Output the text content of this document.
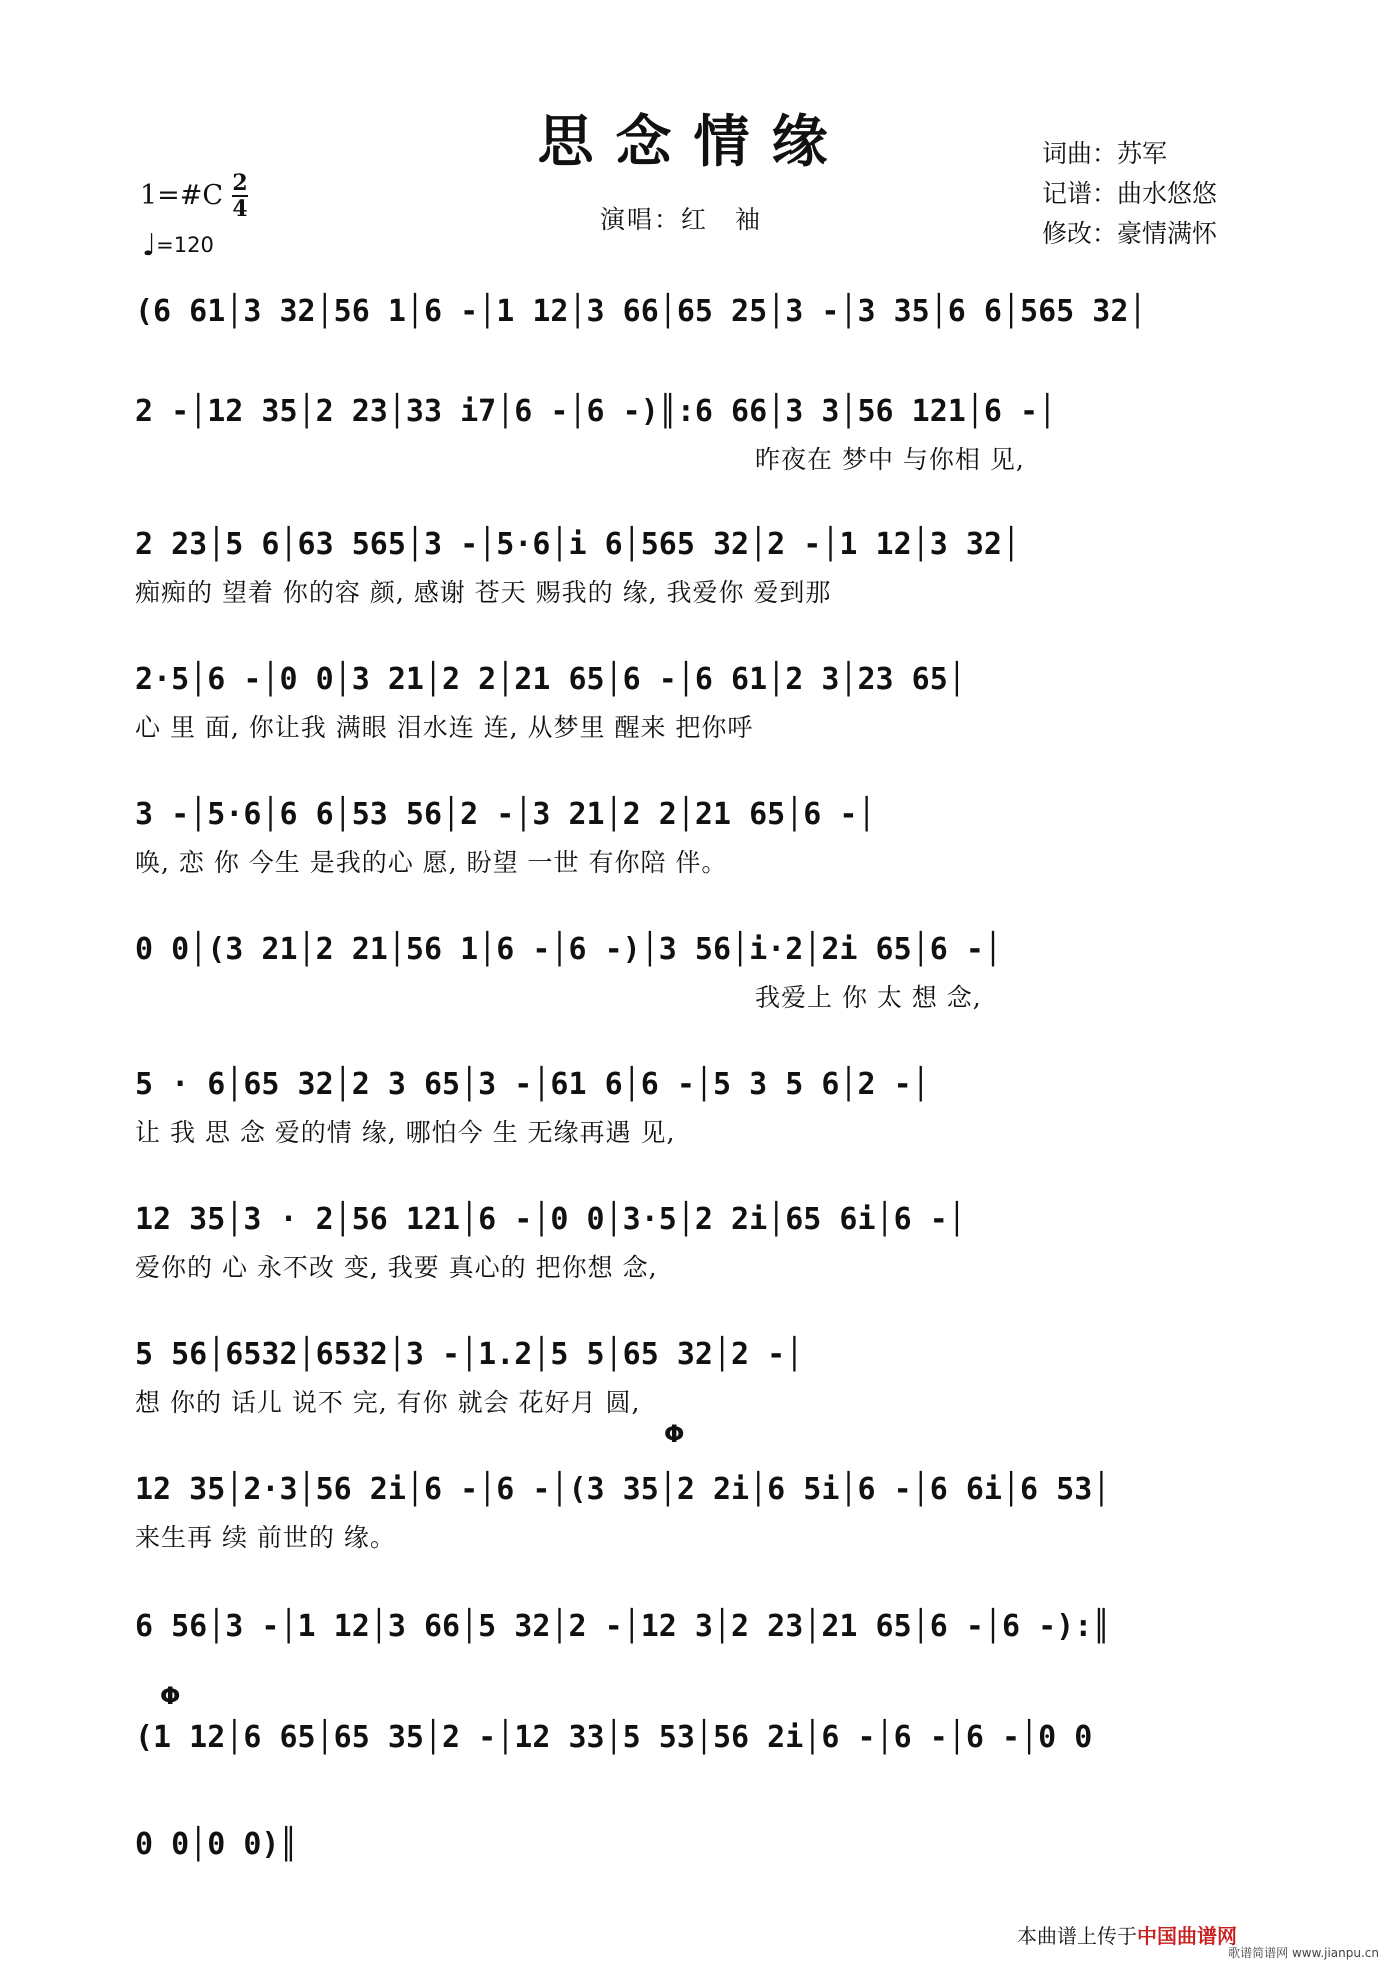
思念情缘	词曲：苏军
记谱：曲水悠悠
修改：豪情满怀
演唱：红　袖
1=#C 2
4
♩=120
(6 61│3 32│56 1│6 -│1 12│3 66│65 25│3 -│3 35│6 6│565 32│
2 -│12 35│2 23│33 i7│6 -│6 -)║:6 66│3 3│56 121│6 -│
昨夜在 梦中 与你相 见,
2 23│5 6│63 565│3 -│5·6│i 6│565 32│2 -│1 12│3 32│
痴痴的 望着 你的容 颜, 感谢 苍天 赐我的 缘, 我爱你 爱到那
2·5│6 -│0 0│3 21│2 2│21 65│6 -│6 61│2 3│23 65│
心 里 面, 你让我 满眼 泪水连 连, 从梦里 醒来 把你呼
3 -│5·6│6 6│53 56│2 -│3 21│2 2│21 65│6 -│
唤, 恋 你 今生 是我的心 愿, 盼望 一世 有你陪 伴。
0 0│(3 21│2 21│56 1│6 -│6 -)│3 56│i·2│2i 65│6 -│
我爱上 你 太 想 念,
5 · 6│65 32│2 3 65│3 -│61 6│6 -│5 3 5 6│2 -│
让 我 思 念 爱的情 缘, 哪怕今 生 无缘再遇 见,
12 35│3 · 2│56 121│6 -│0 0│3·5│2 2i│65 6i│6 -│
爱你的 心 永不改 变, 我要 真心的 把你想 念,
5 56│6532│6532│3 -│1.2│5 5│65 32│2 -│
想 你的 话儿 说不 完, 有你 就会 花好月 圆,
Φ
12 35│2·3│56 2i│6 -│6 -│(3 35│2 2i│6 5i│6 -│6 6i│6 53│
来生再 续 前世的 缘。
6 56│3 -│1 12│3 66│5 32│2 -│12 3│2 23│21 65│6 -│6 -):║
Φ
(1 12│6 65│65 35│2 -│12 33│5 53│56 2i│6 -│6 -│6 -│0 0
0 0│0 0)║
本曲谱上传于中国曲谱网
歌谱简谱网 www.jianpu.cn
